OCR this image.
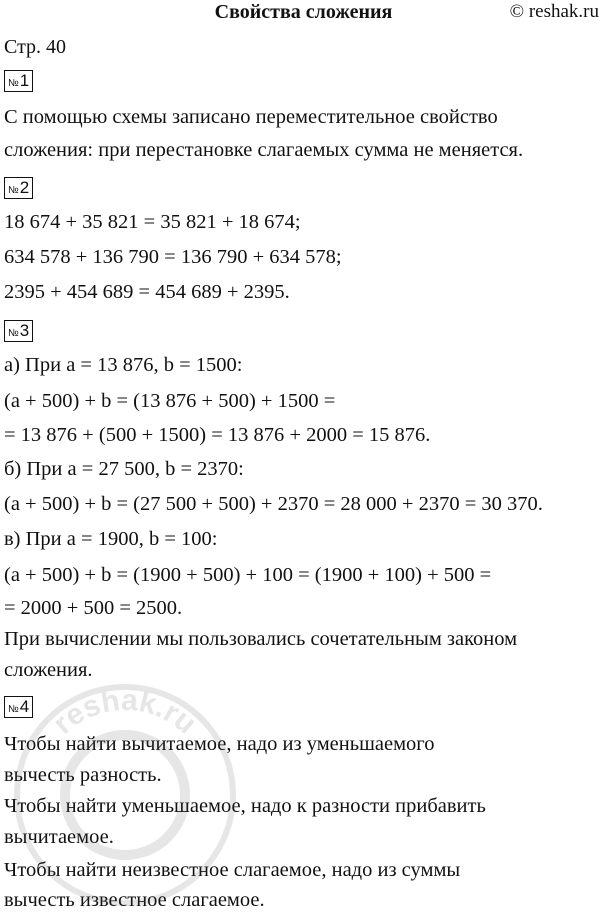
Свойства сложения	© reshak.ru
Стр. 40
№ 1
С помощью схемы записано переместительное свойство
сложения: при перестановке слагаемых сумма не меняется.
№ 2
18 674 + 35 821 = 35 821 + 18 674;
634 578 + 136 790 = 136 790 + 634 578;
2395 + 454 689 = 454 689 + 2395.
№ 3
а) При a = 13 876, b = 1500:
(a + 500) + b = (13 876 + 500) + 1500 =
= 13 876 + (500 + 1500) = 13 876 + 2000 = 15 876.
б) При a = 27 500, b = 2370:
(a + 500) + b = (27 500 + 500) + 2370 = 28 000 + 2370 = 30 370.
в) При a = 1900, b = 100:
(a + 500) + b = (1900 + 500) + 100 = (1900 + 100) + 500 =
= 2000 + 500 = 2500.
При вычислении мы пользовались сочетательным законом
сложения.
№ 4
Чтобы найти вычитаемое, надо из уменьшаемого
вычесть разность.
Чтобы найти уменьшаемое, надо к разности прибавить
вычитаемое.
Чтобы найти неизвестное слагаемое, надо из суммы
вычесть известное слагаемое.
reshak.ru
